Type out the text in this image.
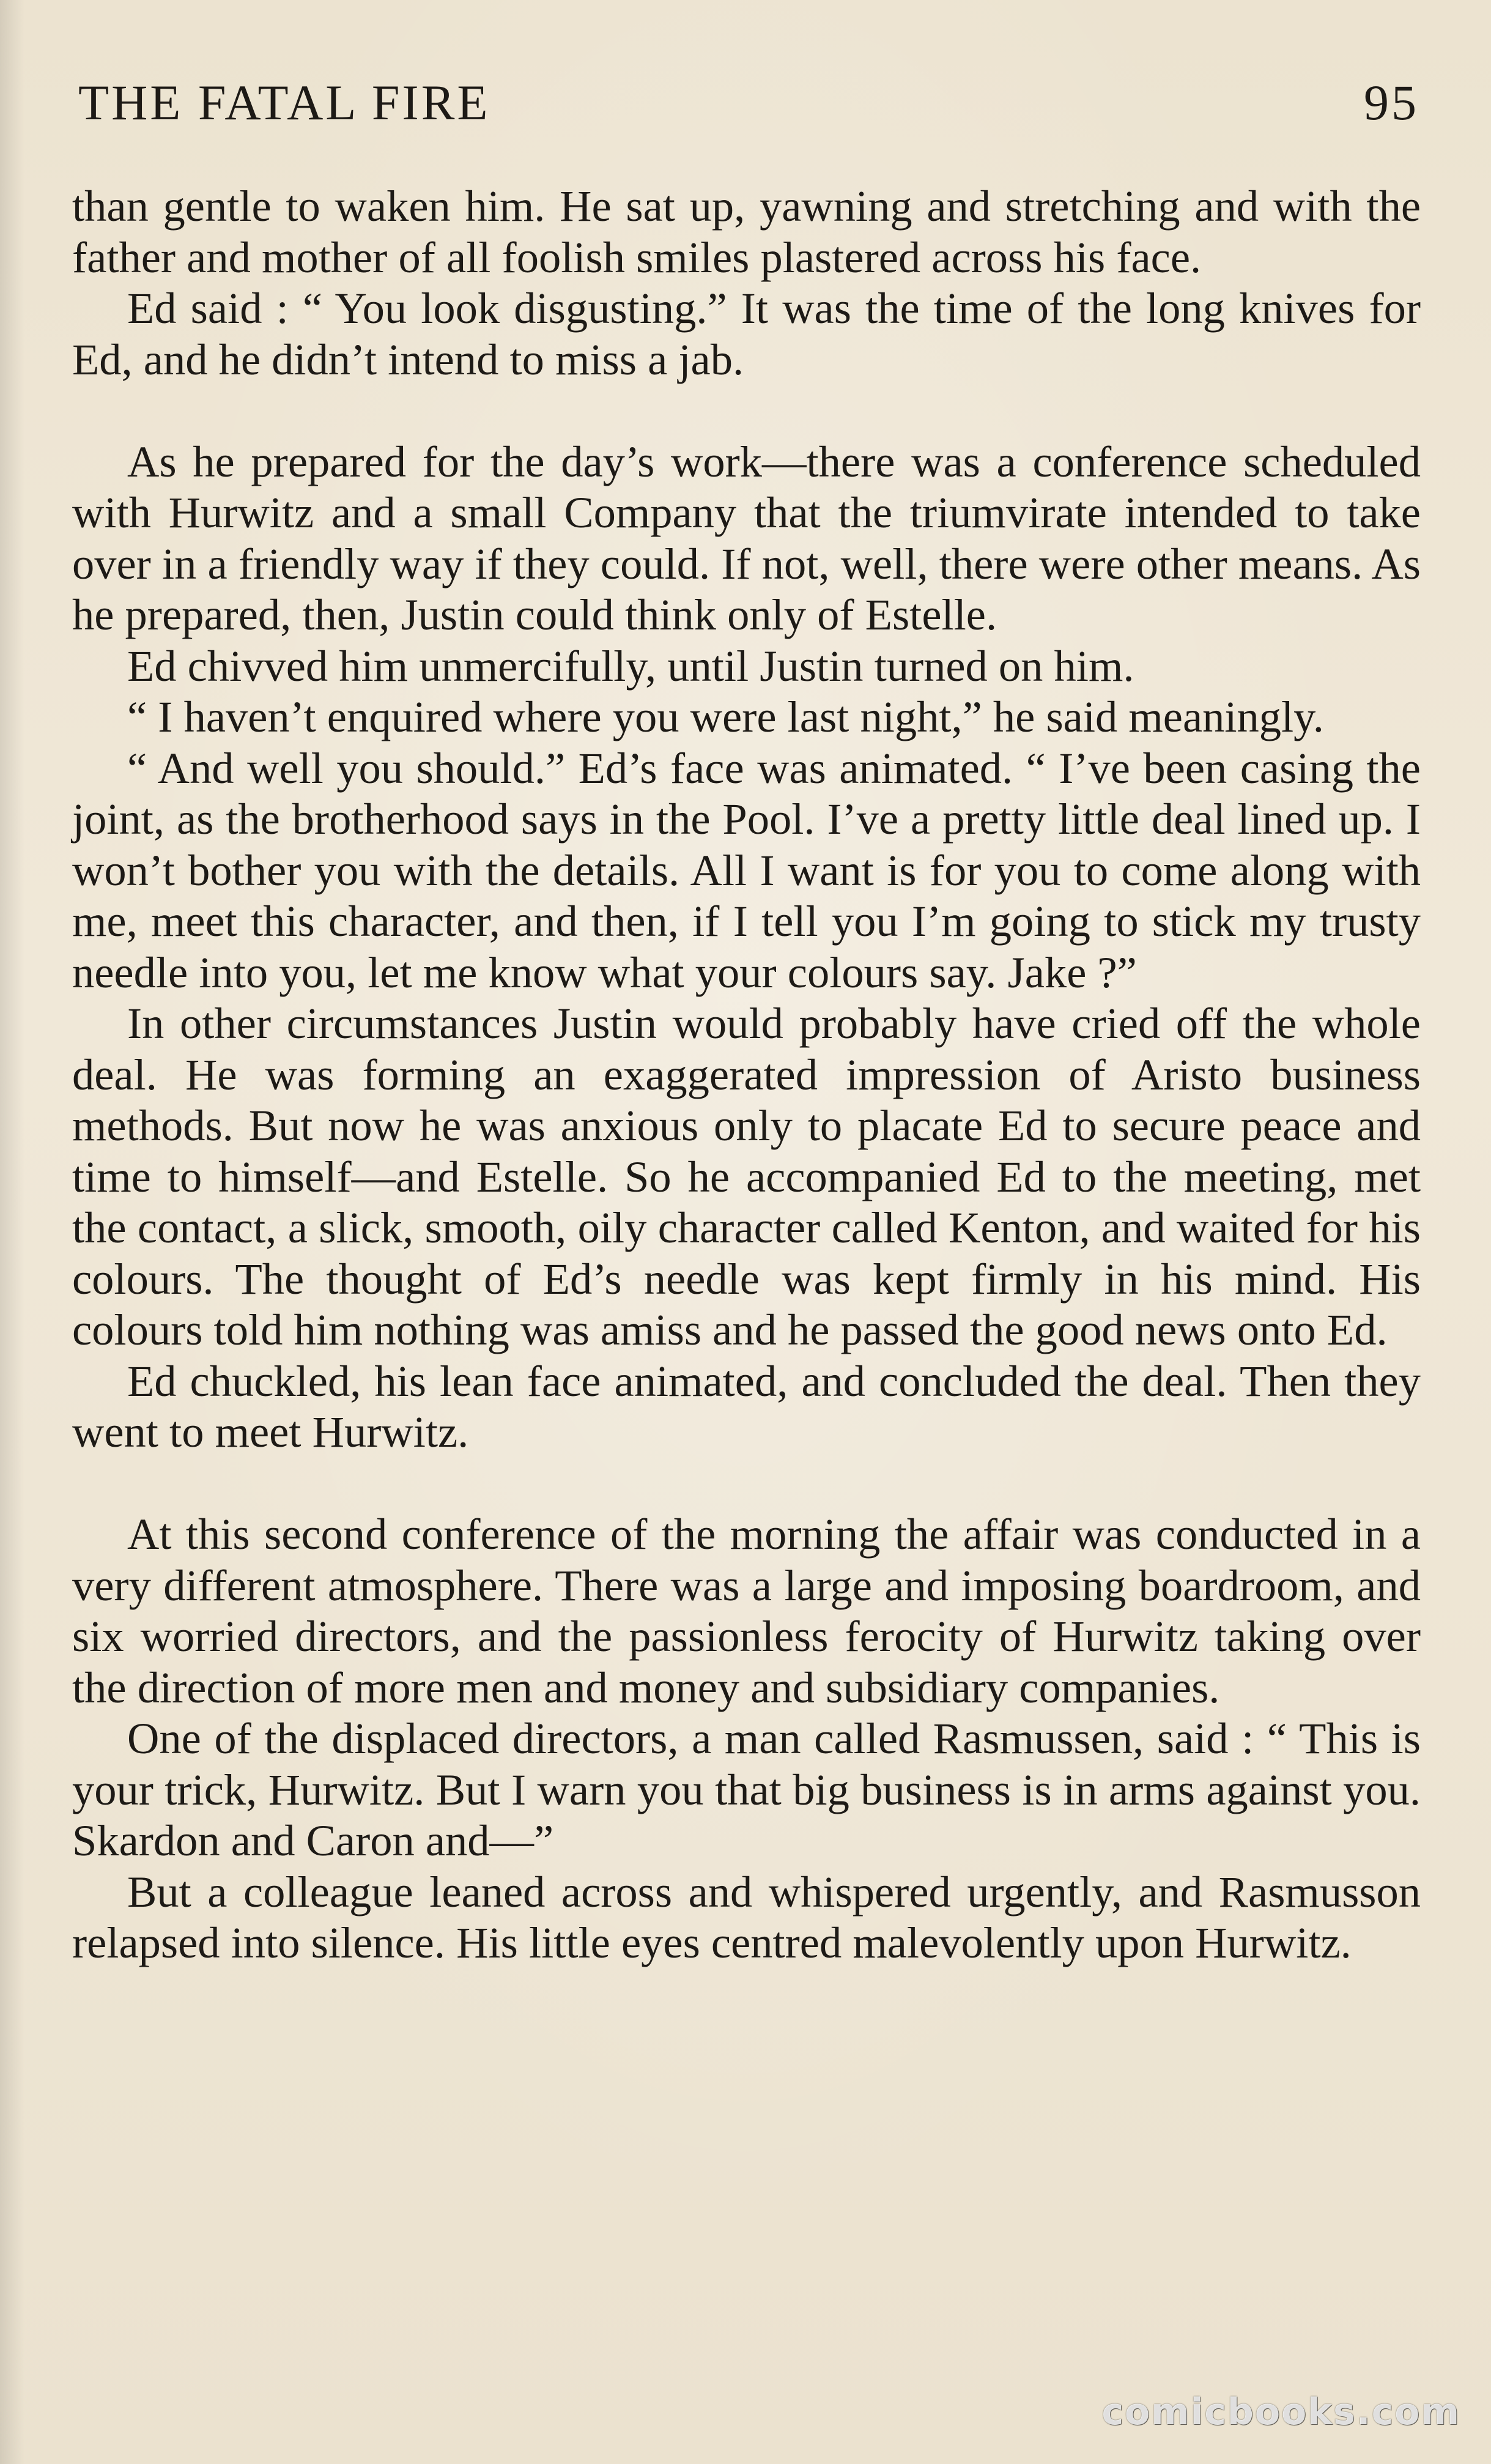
THE FATAL FIRE	95

than gentle to waken him. He sat up, yawning and stretching and with the father and mother of all foolish smiles plastered across his face.

Ed said : “ You look disgusting.” It was the time of the long knives for Ed, and he didn’t intend to miss a jab.

As he prepared for the day’s work—there was a conference scheduled with Hurwitz and a small Company that the triumvirate intended to take over in a friendly way if they could. If not, well, there were other means. As he prepared, then, Justin could think only of Estelle.

Ed chivved him unmercifully, until Justin turned on him.

“ I haven’t enquired where you were last night,” he said meaningly.

“ And well you should.” Ed’s face was animated. “ I’ve been casing the joint, as the brotherhood says in the Pool. I’ve a pretty little deal lined up. I won’t bother you with the details. All I want is for you to come along with me, meet this character, and then, if I tell you I’m going to stick my trusty needle into you, let me know what your colours say. Jake ?”

In other circumstances Justin would probably have cried off the whole deal. He was forming an exaggerated impression of Aristo business methods. But now he was anxious only to placate Ed to secure peace and time to himself—and Estelle. So he accompanied Ed to the meeting, met the contact, a slick, smooth, oily character called Kenton, and waited for his colours. The thought of Ed’s needle was kept firmly in his mind. His colours told him nothing was amiss and he passed the good news onto Ed.

Ed chuckled, his lean face animated, and concluded the deal. Then they went to meet Hurwitz.

At this second conference of the morning the affair was conducted in a very different atmosphere. There was a large and imposing boardroom, and six worried directors, and the passionless ferocity of Hurwitz taking over the direction of more men and money and subsidiary companies.

One of the displaced directors, a man called Rasmussen, said : “ This is your trick, Hurwitz. But I warn you that big business is in arms against you. Skardon and Caron and—”

But a colleague leaned across and whispered urgently, and Rasmusson relapsed into silence. His little eyes centred malevolently upon Hurwitz.

comicbooks.com
